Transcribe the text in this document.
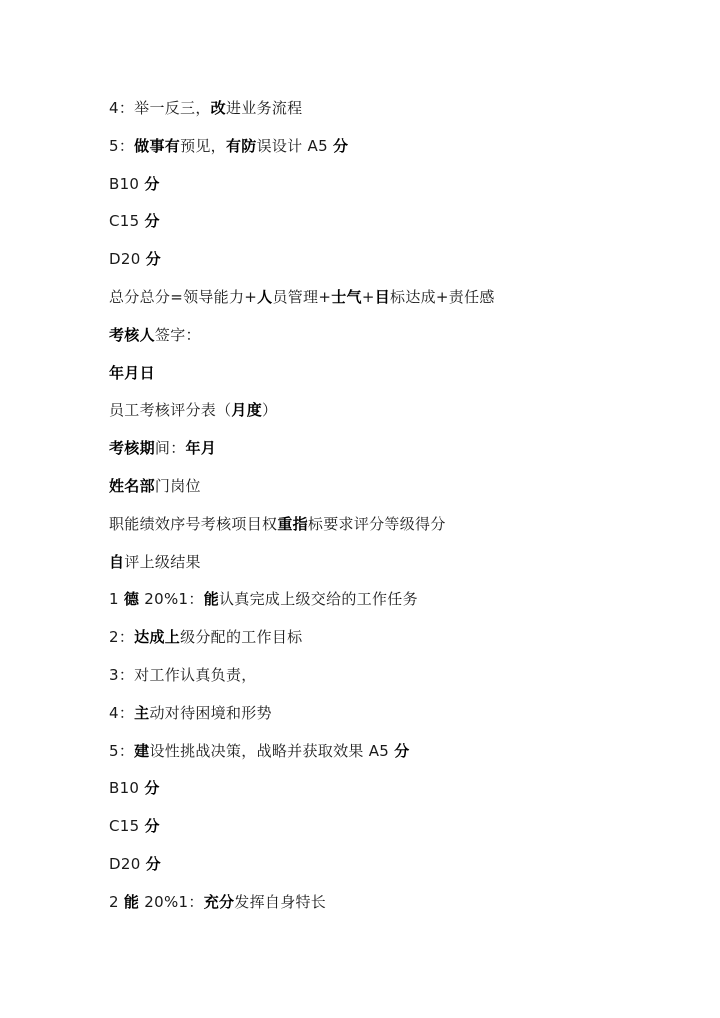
4：举一反三，改进业务流程
5：做事有预见，有防误设计 A5 分
B10 分
C15 分
D20 分
总分总分=领导能力+人员管理+士气+目标达成+责任感
考核人签字：
年月日
员工考核评分表（月度）
考核期间：年月
姓名部门岗位
职能绩效序号考核项目权重指标要求评分等级得分
自评上级结果
1 德 20%1：能认真完成上级交给的工作任务
2：达成上级分配的工作目标
3：对工作认真负责，
4：主动对待困境和形势
5：建设性挑战决策，战略并获取效果 A5 分
B10 分
C15 分
D20 分
2 能 20%1：充分发挥自身特长
